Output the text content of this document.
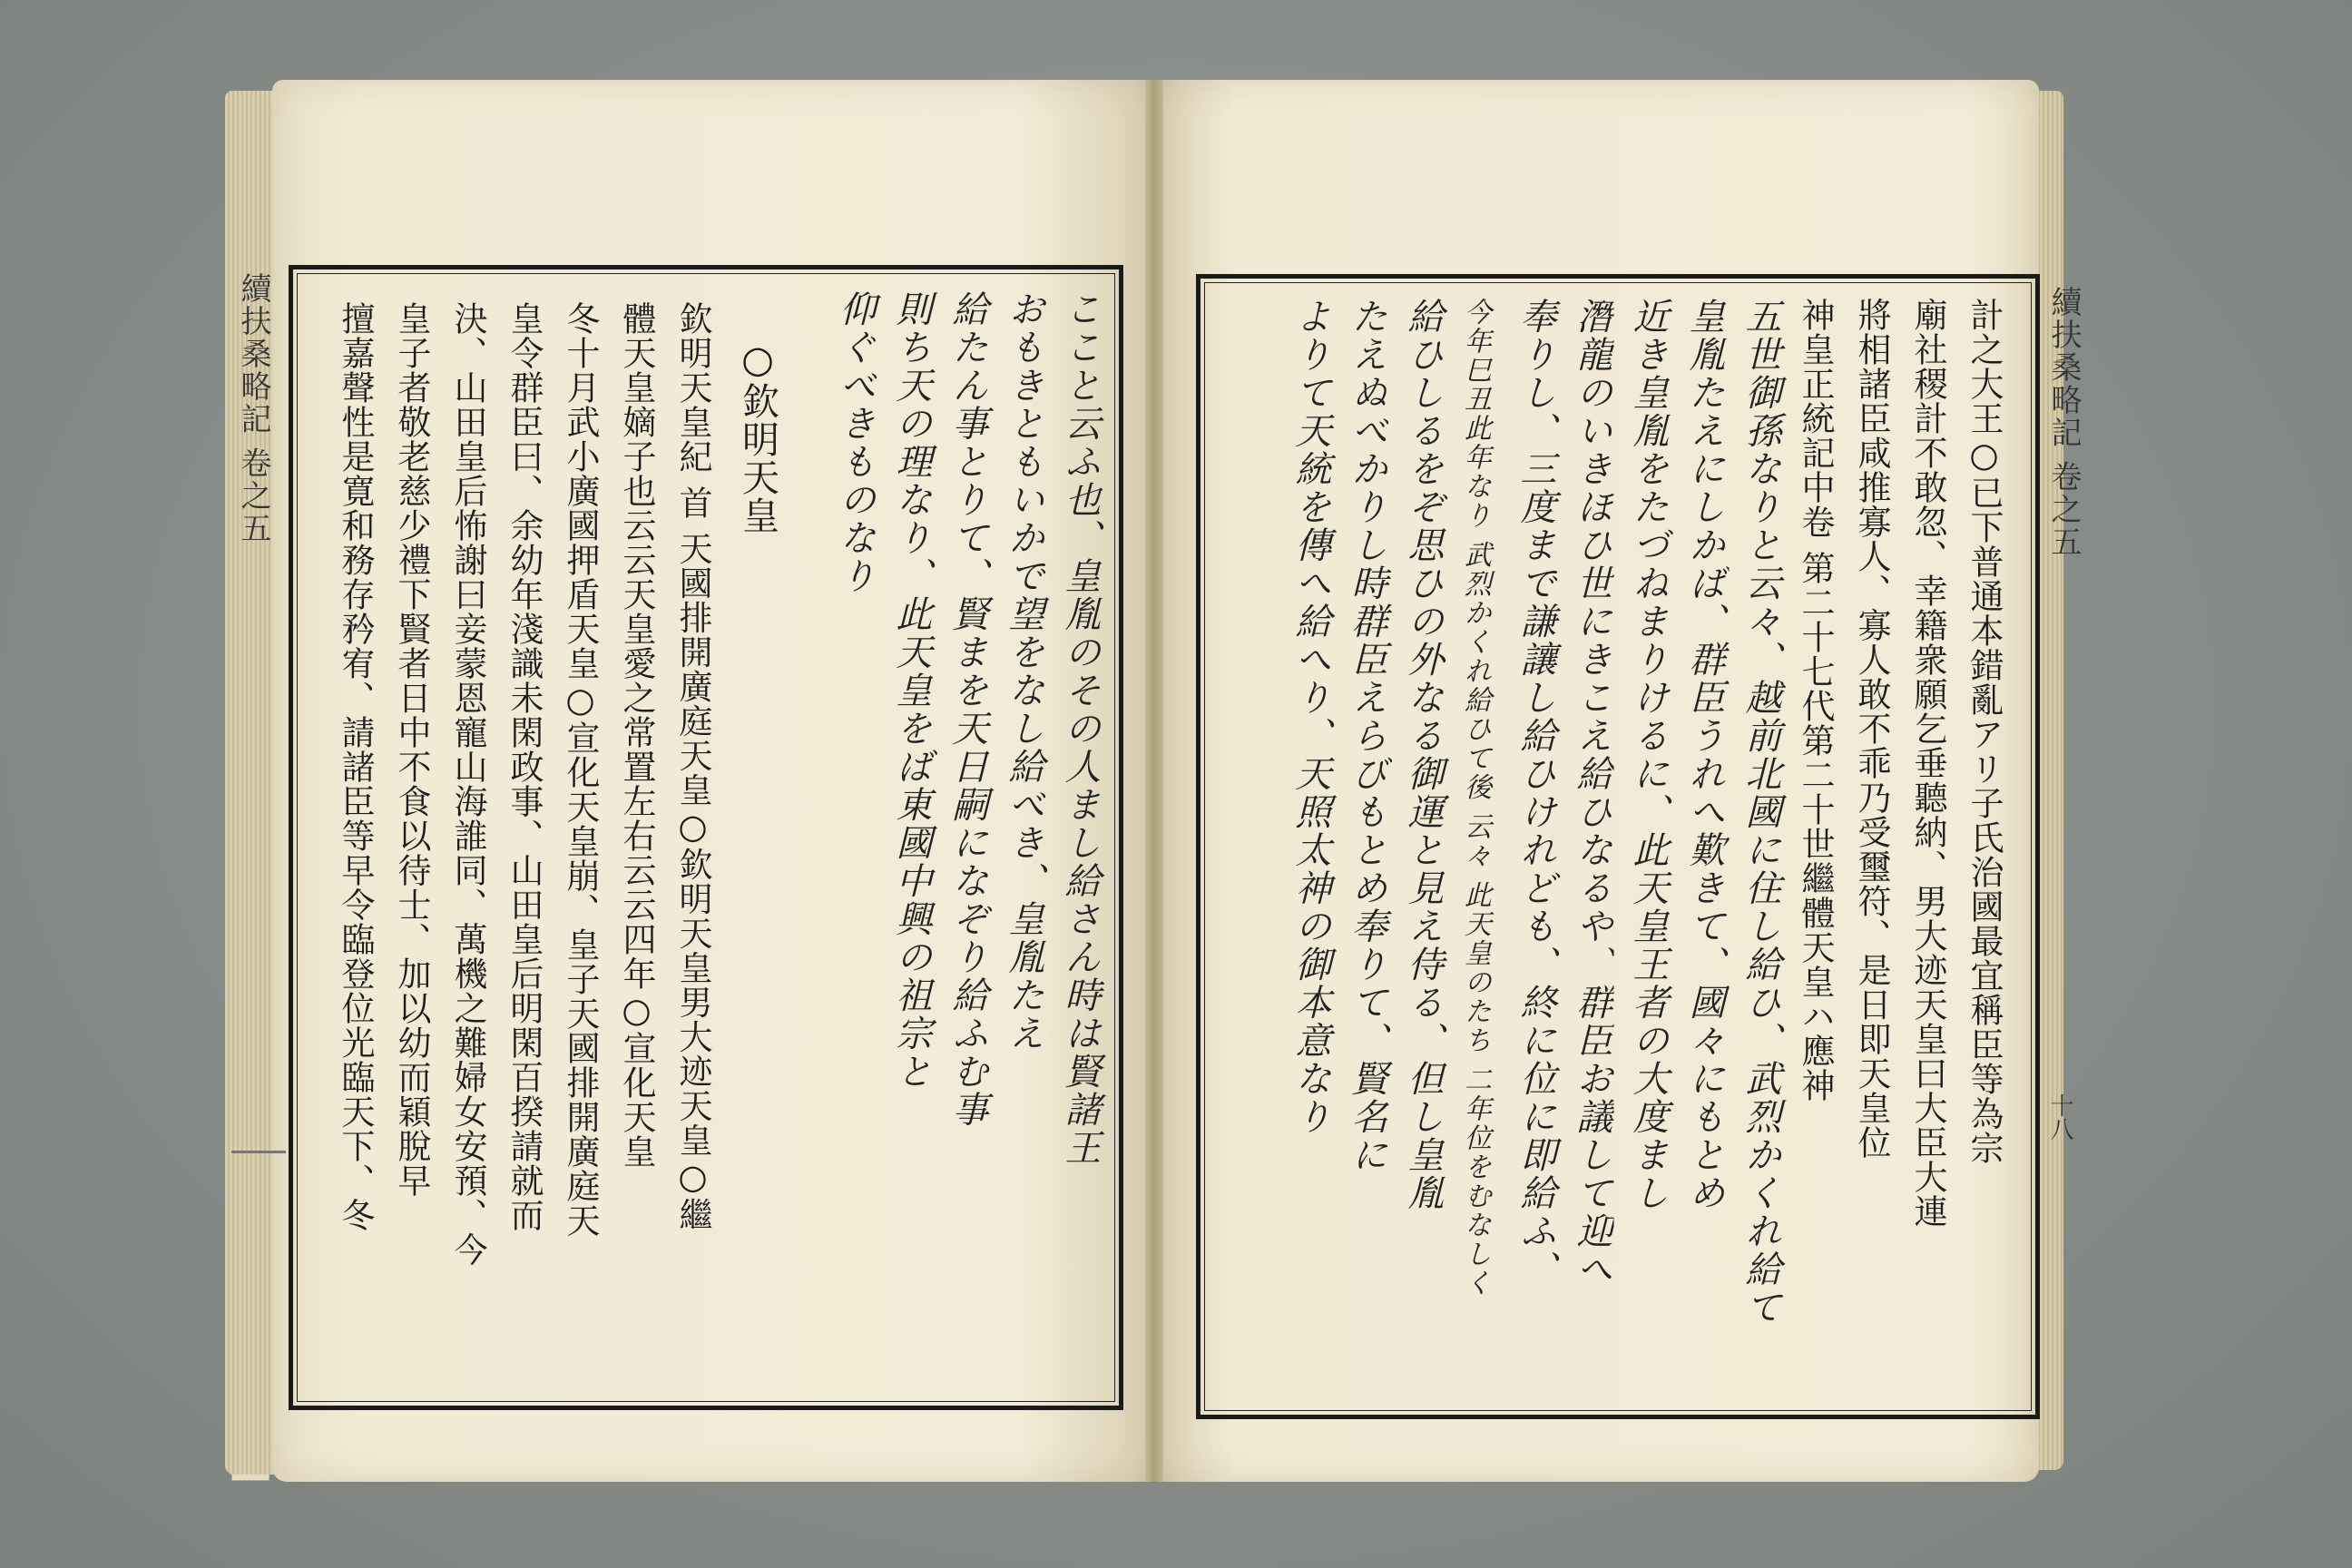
續扶桑略記 卷之五	續扶桑略記 卷之五
十八
ここと云ふ也、皇胤のその人まし給さん時は賢諸王
おもきともいかで望をなし給べき、皇胤たえ
給たん事とりて、賢まを天日嗣になぞり給ふむ事
則ち天の理なり、此天皇をば東國中興の祖宗と
仰ぐべきものなり
○欽明天皇
欽明天皇紀 首 天國排開廣庭天皇○欽明天皇男大迹天皇○繼
體天皇嫡子也云云天皇愛之常置左右云云四年○宣化天皇
冬十月武小廣國押盾天皇○宣化天皇崩、皇子天國排開廣庭天
皇令群臣曰、余幼年淺識未閑政事、山田皇后明閑百揆請就而
決、山田皇后怖謝曰妾蒙恩寵山海誰同、萬機之難婦女安預、今
皇子者敬老慈少禮下賢者日中不食以待士、加以幼而穎脫早
擅嘉聲性是寛和務存矜宥、請諸臣等早令臨登位光臨天下、冬	計之大王○已下普通本錯亂アリ子氏治國最宜稱臣等為宗
廟社稷計不敢忽、幸籍衆願乞垂聽納、男大迹天皇曰大臣大連
將相諸臣咸推寡人、寡人敢不乖乃受璽符、是日即天皇位
神皇正統記中卷 第二十七代第二十世繼體天皇ハ應神
五世御孫なりと云々、越前北國に住し給ひ、武烈かくれ給て
皇胤たえにしかば、群臣うれへ歎きて、國々にもとめ
近き皇胤をたづねまりけるに、此天皇王者の大度まし
潛龍のいきほひ世にきこえ給ひなるや、群臣お議して迎へ
奉りし、三度まで謙讓し給ひけれども、終に位に即給ふ、
今年巳丑此年なり 武烈かくれ給ひて後 云々 此天皇のたち 二年位をむなしく
給ひしるをぞ思ひの外なる御運と見え侍る、但し皇胤
たえぬべかりし時群臣えらびもとめ奉りて、賢名に
よりて天統を傳へ給へり、天照太神の御本意なり
